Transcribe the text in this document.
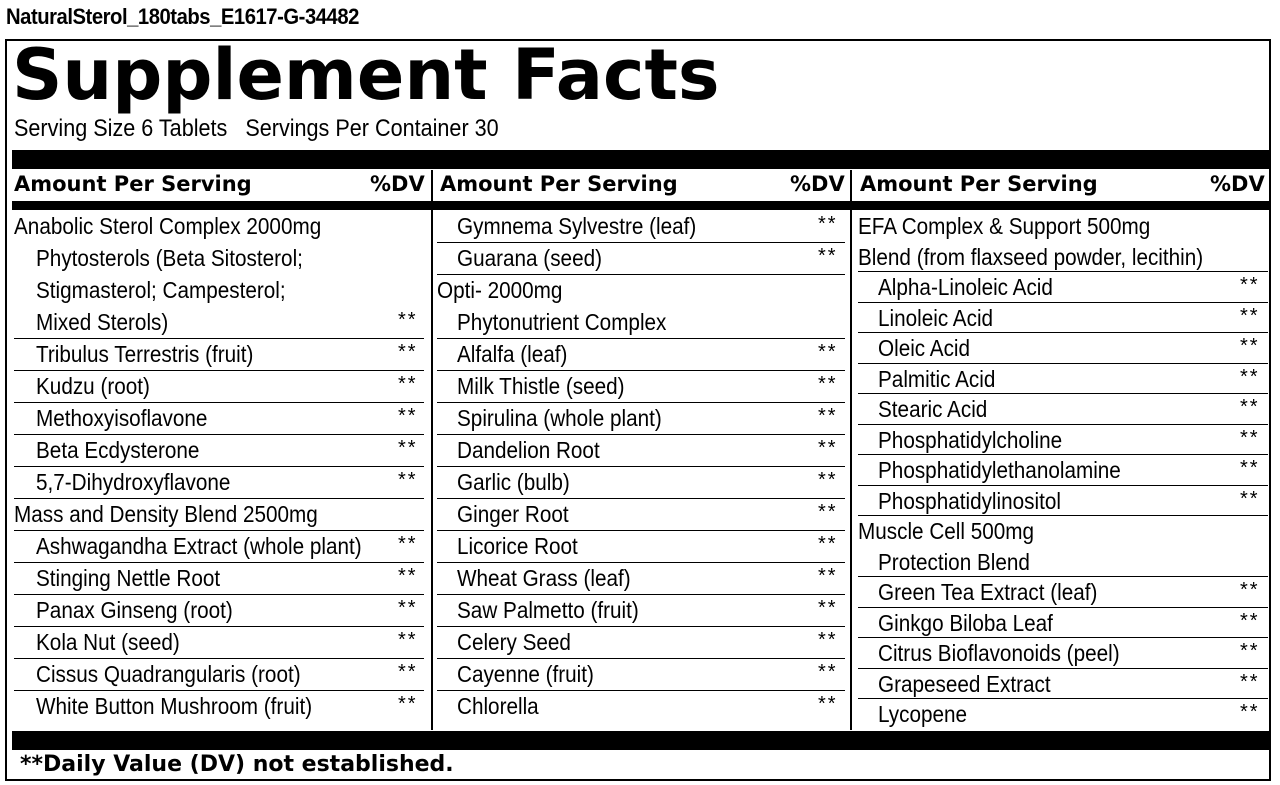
NaturalSterol_180tabs_E1617-G-34482
Supplement Facts
Serving Size 6 Tablets   Servings Per Container 30
Amount Per Serving	%DV Amount Per Serving	%DV Amount Per Serving	%DV
Anabolic Sterol Complex 2000mg
Phytosterols (Beta Sitosterol;
Stigmasterol; Campesterol;
Mixed Sterols)	**
Tribulus Terrestris (fruit)	**
Kudzu (root)	**
Methoxyisoflavone	**
Beta Ecdysterone	**
5,7-Dihydroxyflavone	**
Mass and Density Blend 2500mg
Ashwagandha Extract (whole plant) **
Stinging Nettle Root	**
Panax Ginseng (root)	**
Kola Nut (seed)	**
Cissus Quadrangularis (root)	**
White Button Mushroom (fruit)	**
Gymnema Sylvestre (leaf)	**
Guarana (seed)	**
Opti- 2000mg
Phytonutrient Complex
Alfalfa (leaf)	**
Milk Thistle (seed)	**
Spirulina (whole plant)	**
Dandelion Root	**
Garlic (bulb)	**
Ginger Root	**
Licorice Root	**
Wheat Grass (leaf)	**
Saw Palmetto (fruit)	**
Celery Seed	**
Cayenne (fruit)	**
Chlorella	**
EFA Complex & Support 500mg
Blend (from flaxseed powder, lecithin)
Alpha-Linoleic Acid	**
Linoleic Acid	**
Oleic Acid	**
Palmitic Acid	**
Stearic Acid	**
Phosphatidylcholine	**
Phosphatidylethanolamine	**
Phosphatidylinositol	**
Muscle Cell 500mg
Protection Blend
Green Tea Extract (leaf)	**
Ginkgo Biloba Leaf	**
Citrus Bioflavonoids (peel)	**
Grapeseed Extract	**
Lycopene	**
**Daily Value (DV) not established.
